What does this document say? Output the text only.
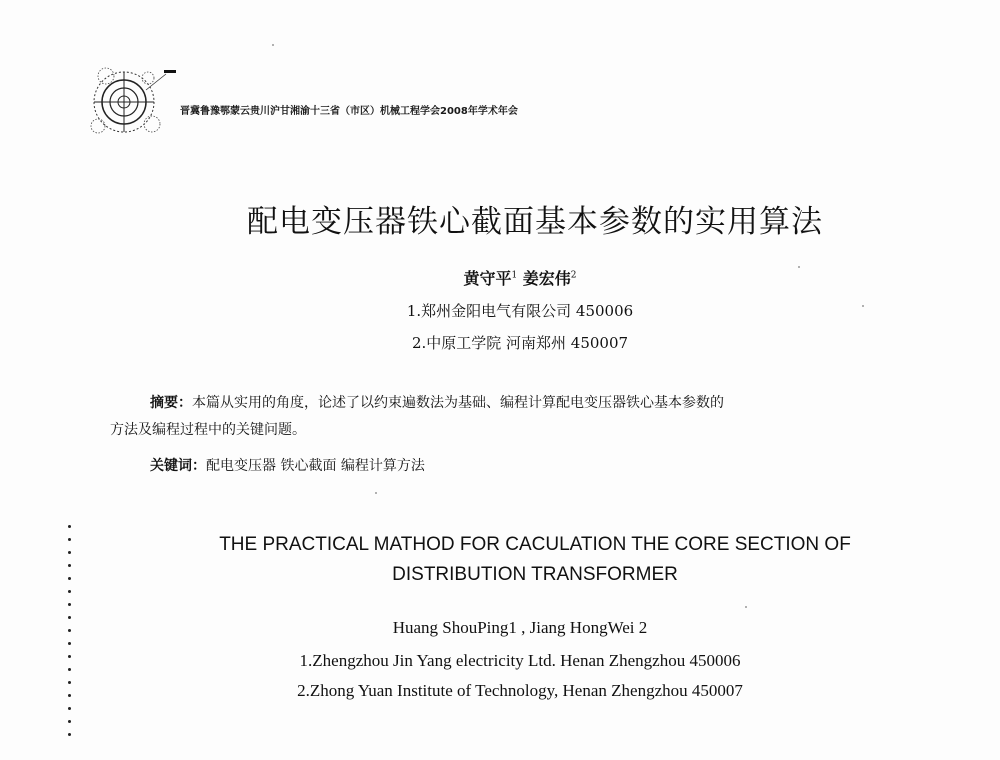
晋冀鲁豫鄂蒙云贵川沪甘湘渝十三省（市区）机械工程学会2008年学术年会
配电变压器铁心截面基本参数的实用算法
黄守平$^1$ 姜宏伟$^2$
1.郑州金阳电气有限公司 450006
2.中原工学院 河南郑州 450007
摘要：本篇从实用的角度，论述了以约束遍数法为基础、编程计算配电变压器铁心基本参数的
方法及编程过程中的关键问题。
关键词：配电变压器 铁心截面 编程计算方法
THE PRACTICAL MATHOD FOR CACULATION THE CORE SECTION OF
DISTRIBUTION TRANSFORMER
Huang ShouPing1 , Jiang HongWei 2
1.Zhengzhou Jin Yang electricity Ltd. Henan Zhengzhou 450006
2.Zhong Yuan Institute of Technology, Henan Zhengzhou 450007
